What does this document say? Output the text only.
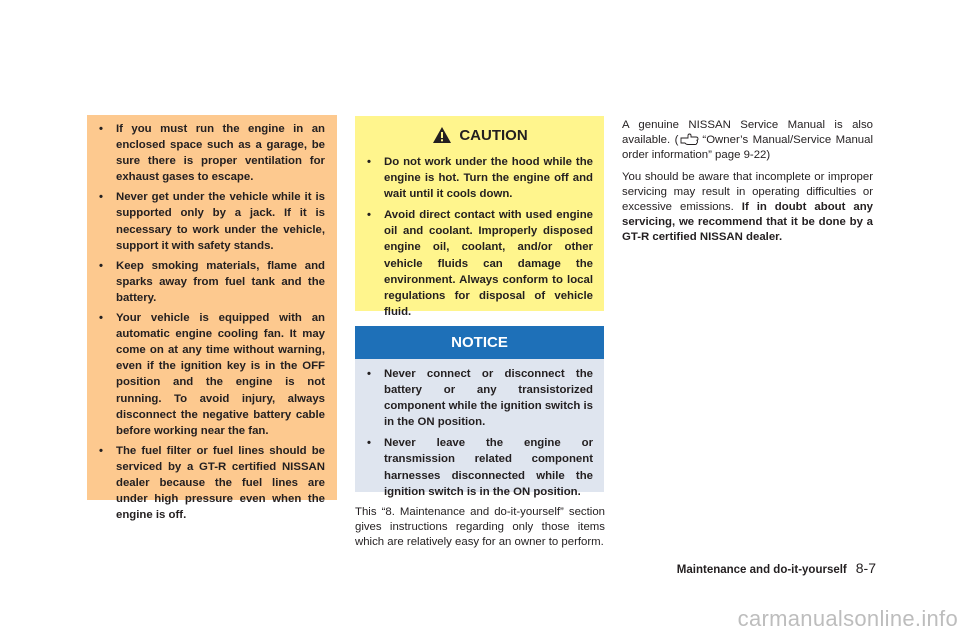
• If you must run the engine in an enclosed space such as a garage, be sure there is proper ventilation for exhaust gases to escape.
• Never get under the vehicle while it is supported only by a jack. If it is necessary to work under the vehicle, support it with safety stands.
• Keep smoking materials, flame and sparks away from fuel tank and the battery.
• Your vehicle is equipped with an automatic engine cooling fan. It may come on at any time without warning, even if the ignition key is in the OFF position and the engine is not running. To avoid injury, always disconnect the negative battery cable before working near the fan.
• The fuel filter or fuel lines should be serviced by a GT-R certified NISSAN dealer because the fuel lines are under high pressure even when the engine is off.
CAUTION
• Do not work under the hood while the engine is hot. Turn the engine off and wait until it cools down.
• Avoid direct contact with used engine oil and coolant. Improperly disposed engine oil, coolant, and/or other vehicle fluids can damage the environment. Always conform to local regulations for disposal of vehicle fluid.
NOTICE
• Never connect or disconnect the battery or any transistorized component while the ignition switch is in the ON position.
• Never leave the engine or transmission related component harnesses disconnected while the ignition switch is in the ON position.

This “8. Maintenance and do-it-yourself” section gives instructions regarding only those items which are relatively easy for an owner to perform.

A genuine NISSAN Service Manual is also available. ( “Owner’s Manual/Service Manual order information” page 9-22)

You should be aware that incomplete or improper servicing may result in operating difficulties or excessive emissions. If in doubt about any servicing, we recommend that it be done by a GT-R certified NISSAN dealer.

Maintenance and do-it-yourself 8-7
carmanualsonline.info
